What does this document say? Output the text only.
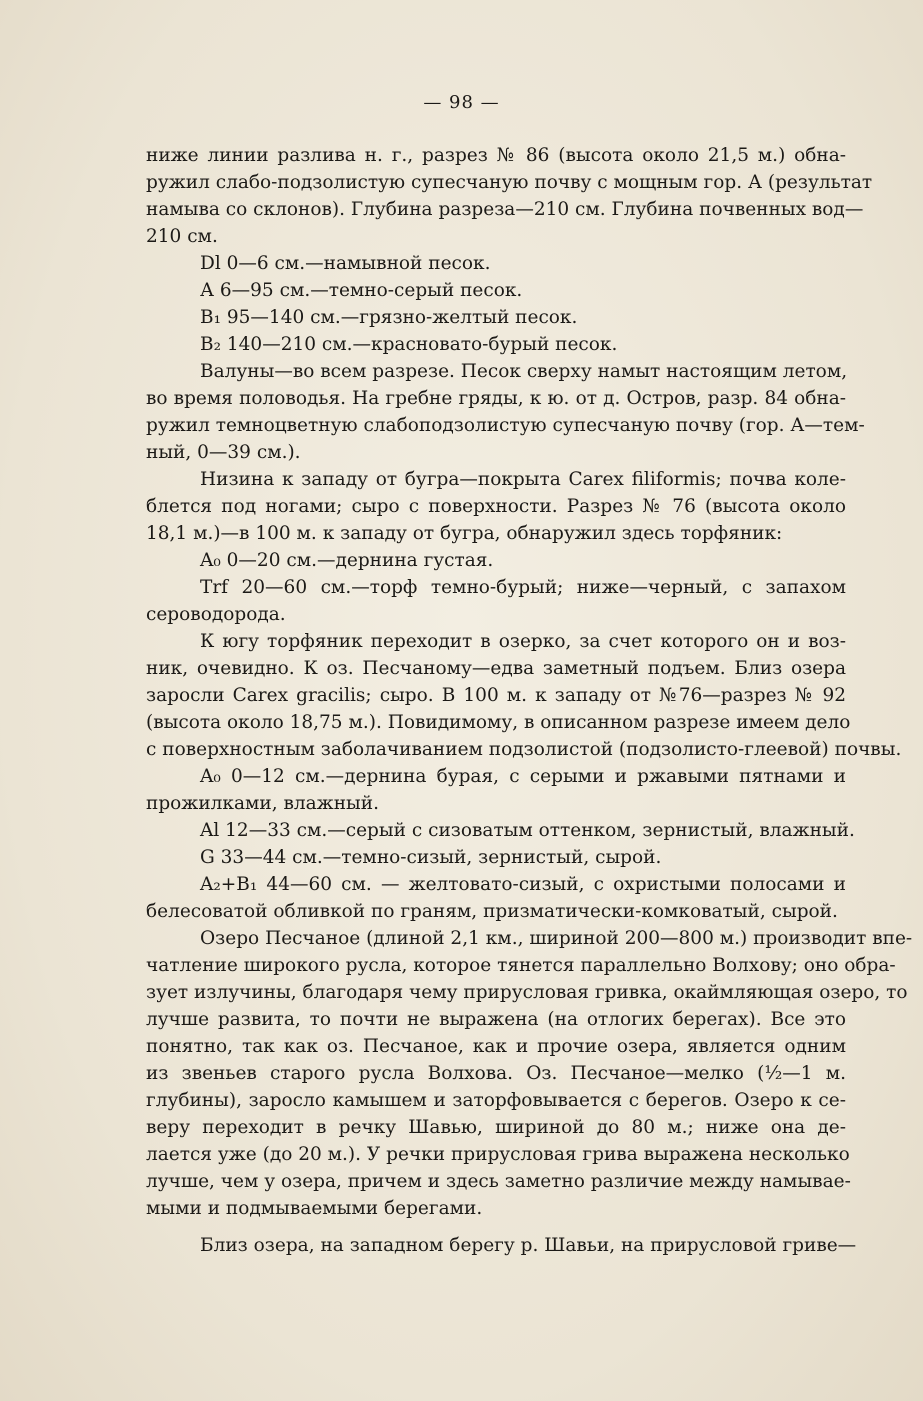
— 98 —
ниже линии разлива н. г., разрез № 86 (высота около 21,5 м.) обна-
ружил слабо-подзолистую супесчаную почву с мощным гор. А (результат
намыва со склонов). Глубина разреза—210 см. Глубина почвенных вод—
210 см.
Dl 0—6 см.—намывной песок.
А 6—95 см.—темно-серый песок.
B₁ 95—140 см.—грязно-желтый песок.
B₂ 140—210 см.—красновато-бурый песок.
Валуны—во всем разрезе. Песок сверху намыт настоящим летом,
во время половодья. На гребне гряды, к ю. от д. Остров, разр. 84 обна-
ружил темноцветную слабоподзолистую супесчаную почву (гор. А—тем-
ный, 0—39 см.).
Низина к западу от бугра—покрыта Carex filiformis; почва коле-
блется под ногами; сыро с поверхности. Разрез № 76 (высота около
18,1 м.)—в 100 м. к западу от бугра, обнаружил здесь торфяник:
A₀ 0—20 см.—дернина густая.
Trf 20—60 см.—торф темно-бурый; ниже—черный, с запахом
сероводорода.
К югу торфяник переходит в озерко, за счет которого он и воз-
ник, очевидно. К оз. Песчаному—едва заметный подъем. Близ озера
заросли Carex gracilis; сыро. В 100 м. к западу от №76—разрез № 92
(высота около 18,75 м.). Повидимому, в описанном разрезе имеем дело
с поверхностным заболачиванием подзолистой (подзолисто-глеевой) почвы.
A₀ 0—12 см.—дернина бурая, с серыми и ржавыми пятнами и
прожилками, влажный.
Al 12—33 см.—серый с сизоватым оттенком, зернистый, влажный.
G 33—44 см.—темно-сизый, зернистый, сырой.
A₂+B₁ 44—60 см. — желтовато-сизый, с охристыми полосами и
белесоватой обливкой по граням, призматически-комковатый, сырой.
Озеро Песчаное (длиной 2,1 км., шириной 200—800 м.) производит впе-
чатление широкого русла, которое тянется параллельно Волхову; оно обра-
зует излучины, благодаря чему прирусловая гривка, окаймляющая озеро, то
лучше развита, то почти не выражена (на отлогих берегах). Все это
понятно, так как оз. Песчаное, как и прочие озера, является одним
из звеньев старого русла Волхова. Оз. Песчаное—мелко (½—1 м.
глубины), заросло камышем и заторфовывается с берегов. Озеро к се-
веру переходит в речку Шавью, шириной до 80 м.; ниже она де-
лается уже (до 20 м.). У речки прирусловая грива выражена несколько
лучше, чем у озера, причем и здесь заметно различие между намывае-
мыми и подмываемыми берегами.
Близ озера, на западном берегу р. Шавьи, на прирусловой гриве—
